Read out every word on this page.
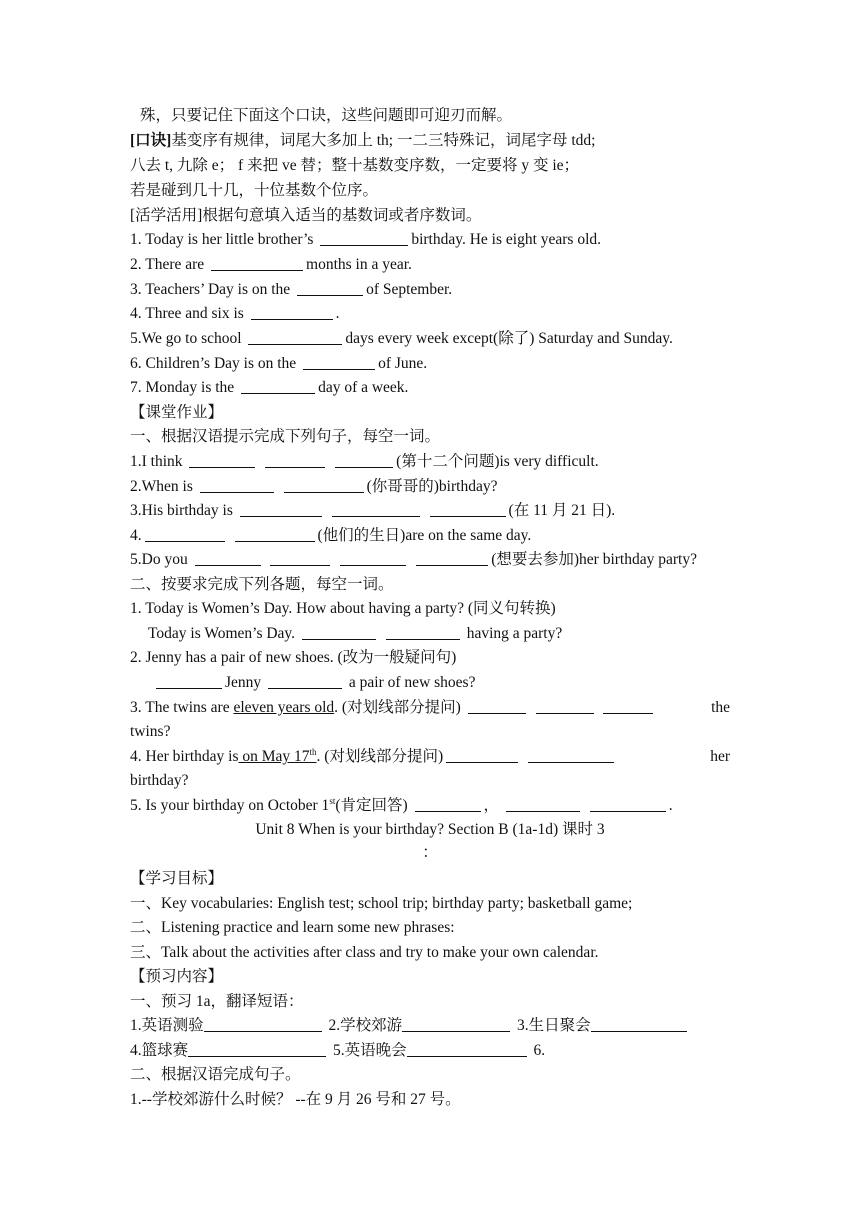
殊，只要记住下面这个口诀，这些问题即可迎刃而解。
[口诀]基变序有规律，词尾大多加上 th; 一二三特殊记，词尾字母 tdd;
八去 t, 九除 e； f 来把 ve 替；整十基数变序数，一定要将 y 变 ie；
若是碰到几十几，十位基数个位序。
[活学活用]根据句意填入适当的基数词或者序数词。
1. Today is her little brother’s	birthday. He is eight years old.
2. There are	months in a year.
3. Teachers’ Day is on the	of September.
4. Three and six is	.
5.We go to school	days every week except(除了) Saturday and Sunday.
6. Children’s Day is on the	of June.
7. Monday is the	day of a week.
【课堂作业】
一、根据汉语提示完成下列句子，每空一词。
1.I think	(第十二个问题)is very difficult.
2.When is	(你哥哥的)birthday?
3.His birthday is	(在 11 月 21 日).
4.	(他们的生日)are on the same day.
5.Do you	(想要去参加)her birthday party?
二、按要求完成下列各题，每空一词。
1. Today is Women’s Day. How about having a party? (同义句转换)
Today is Women’s Day.	having a party?
2. Jenny has a pair of new shoes. (改为一般疑问句)
Jenny	a pair of new shoes?
3. The twins are eleven years old. (对划线部分提问)	the
twins?
4. Her birthday is on May 17th. (对划线部分提问)	her
birthday?
5. Is your birthday on October 1st(肯定回答)	，	.
Unit 8 When is your birthday? Section B (1a-1d) 课时 3
：
【学习目标】
一、Key vocabularies: English test; school trip; birthday party; basketball game;
二、Listening practice and learn some new phrases:
三、Talk about the activities after class and try to make your own calendar.
【预习内容】
一、预习 1a，翻译短语：
1.英语测验	2.学校郊游	3.生日聚会
4.篮球赛	5.英语晚会	6.
二、根据汉语完成句子。
1.--学校郊游什么时候？ --在 9 月 26 号和 27 号。
